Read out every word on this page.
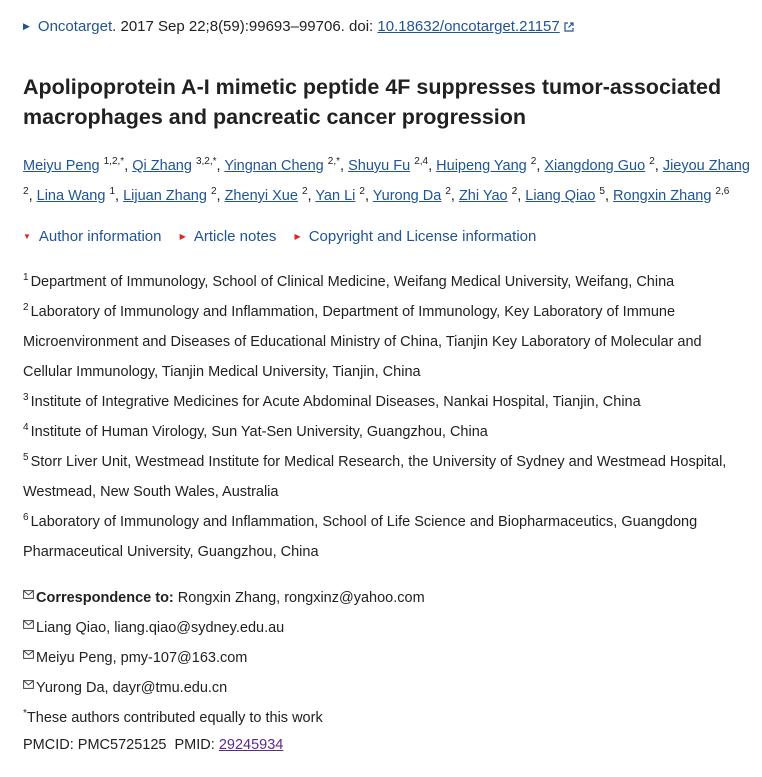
▶ Oncotarget. 2017 Sep 22;8(59):99693–99706. doi: 10.18632/oncotarget.21157
Apolipoprotein A-I mimetic peptide 4F suppresses tumor-associated macrophages and pancreatic cancer progression
Meiyu Peng $^{1,2,*}$, Qi Zhang $^{3,2,*}$, Yingnan Cheng $^{2,*}$, Shuyu Fu $^{2,4}$, Huipeng Yang $^2$, Xiangdong Guo $^2$, Jieyou Zhang $^2$, Lina Wang $^1$, Lijuan Zhang $^2$, Zhenyi Xue $^2$, Yan Li $^2$, Yurong Da $^2$, Zhi Yao $^2$, Liang Qiao $^5$, Rongxin Zhang $^{2,6}$
▼ Author information ▶ Article notes ▶ Copyright and License information

$^1$ Department of Immunology, School of Clinical Medicine, Weifang Medical University, Weifang, China

$^2$ Laboratory of Immunology and Inflammation, Department of Immunology, Key Laboratory of Immune Microenvironment and Diseases of Educational Ministry of China, Tianjin Key Laboratory of Molecular and Cellular Immunology, Tianjin Medical University, Tianjin, China

$^3$ Institute of Integrative Medicines for Acute Abdominal Diseases, Nankai Hospital, Tianjin, China

$^4$ Institute of Human Virology, Sun Yat-Sen University, Guangzhou, China

$^5$ Storr Liver Unit, Westmead Institute for Medical Research, the University of Sydney and Westmead Hospital, Westmead, New South Wales, Australia

$^6$ Laboratory of Immunology and Inflammation, School of Life Science and Biopharmaceutics, Guangdong Pharmaceutical University, Guangzhou, China

Correspondence to: Rongxin Zhang, rongxinz@yahoo.com

Liang Qiao, liang.qiao@sydney.edu.au

Meiyu Peng, pmy-107@163.com

Yurong Da, dayr@tmu.edu.cn

*These authors contributed equally to this work

PMCID: PMC5725125 PMID: 29245934
